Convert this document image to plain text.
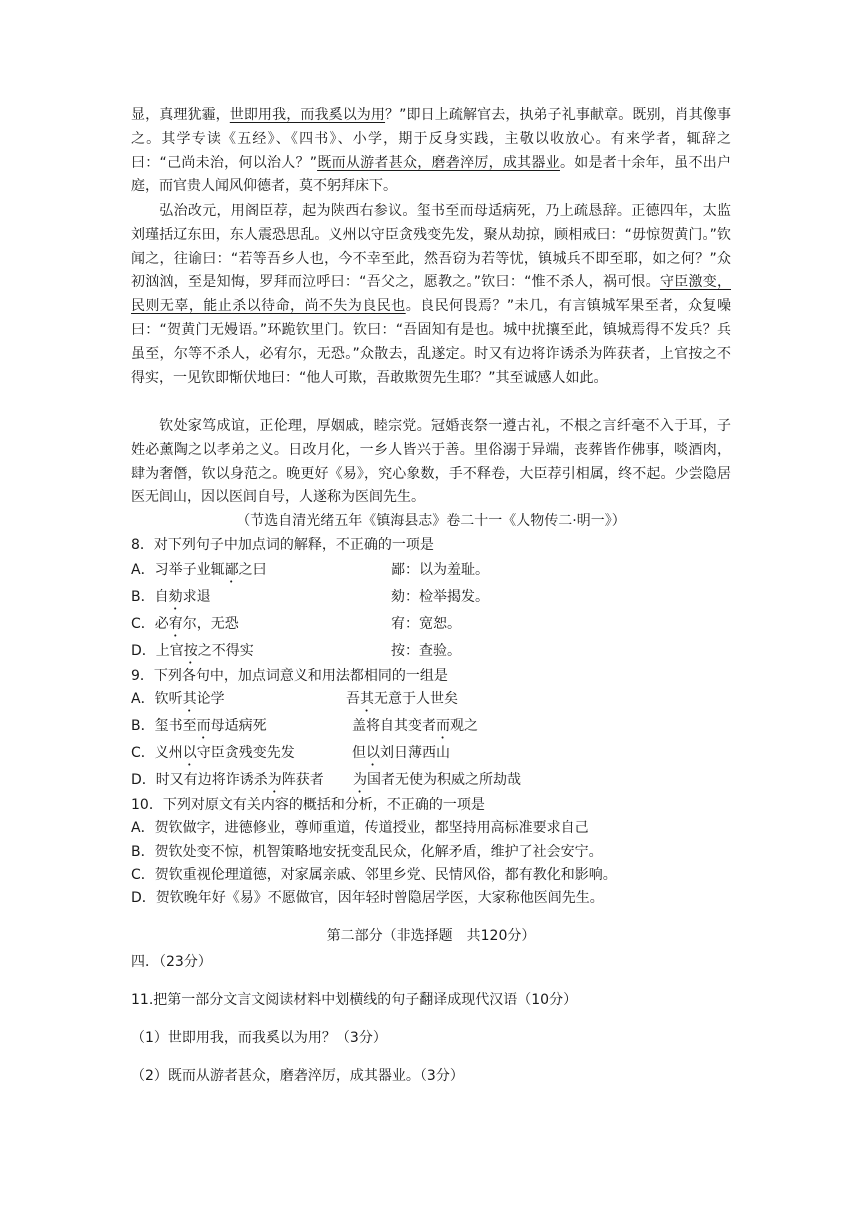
显，真理犹霾，世即用我，而我奚以为用？”即日上疏解官去，执弟子礼事献章。既别，肖其像事之。其学专读《五经》、《四书》、小学，期于反身实践，主敬以收放心。有来学者，辄辞之曰：“己尚未治，何以治人？”既而从游者甚众，磨砻淬厉，成其器业。如是者十余年，虽不出户庭，而官贵人闻风仰德者，莫不躬拜床下。

弘治改元，用阁臣荐，起为陕西右参议。玺书至而母适病死，乃上疏恳辞。正德四年，太监刘瑾括辽东田，东人震恐思乱。义州以守臣贪残变先发，聚从劫掠，顾相戒曰：“毋惊贺黄门。”钦闻之，往谕曰：“若等吾乡人也，今不幸至此，然吾窃为若等忧，镇城兵不即至耶，如之何？”众初汹汹，至是知悔，罗拜而泣呼曰：“吾父之，愿教之。”钦曰：“惟不杀人，祸可恨。守臣激变，民则无辜，能止杀以待命，尚不失为良民也。良民何畏焉？”未几，有言镇城军果至者，众复噪曰：“贺黄门无嫚语。”环跪钦里门。钦曰：“吾固知有是也。城中扰攘至此，镇城焉得不发兵？兵虽至，尔等不杀人，必宥尔，无恐。”众散去，乱遂定。时又有边将诈诱杀为阵获者，上官按之不得实，一见钦即惭伏地曰：“他人可欺，吾敢欺贺先生耶？”其至诚感人如此。

钦处家笃成谊，正伦理，厚姻戚，睦宗党。冠婚丧祭一遵古礼，不根之言纤毫不入于耳，子姓必薰陶之以孝弟之义。日改月化，一乡人皆兴于善。里俗溺于异端，丧葬皆作佛事，啖酒肉，肆为奢僭，钦以身范之。晚更好《易》，究心象数，手不释卷，大臣荐引相属，终不起。少尝隐居医无闾山，因以医闾自号，人遂称为医闾先生。

（节选自清光绪五年《镇海县志》卷二十一《人物传二·明一》）
8．对下列句子中加点词的解释，不正确的一项是
A．习举子业辄鄙之曰	鄙：以为羞耻。
B．自劾求退	劾：检举揭发。
C．必宥尔，无恐	宥：宽恕。
D．上官按之不得实	按：查验。
9．下列各句中，加点词意义和用法都相同的一组是
A．钦听其论学	吾其无意于人世矣
B．玺书至而母适病死	盖将自其变者而观之
C．义州以守臣贪残变先发	但以刘日薄西山
D．时又有边将诈诱杀为阵获者 为国者无使为积威之所劫哉
10．下列对原文有关内容的概括和分析，不正确的一项是
A．贺钦做字，进德修业，尊师重道，传道授业，都坚持用高标准要求自己
B．贺钦处变不惊，机智策略地安抚变乱民众，化解矛盾，维护了社会安宁。
C．贺钦重视伦理道德，对家属亲戚、邻里乡党、民情风俗，都有教化和影响。
D．贺钦晚年好《易》不愿做官，因年轻时曾隐居学医，大家称他医闾先生。
第二部分（非选择题　共120分）
四．（23分）
11.把第一部分文言文阅读材料中划横线的句子翻译成现代汉语（10分）
（1）世即用我，而我奚以为用？（3分）
（2）既而从游者甚众，磨砻淬厉，成其器业。（3分）
